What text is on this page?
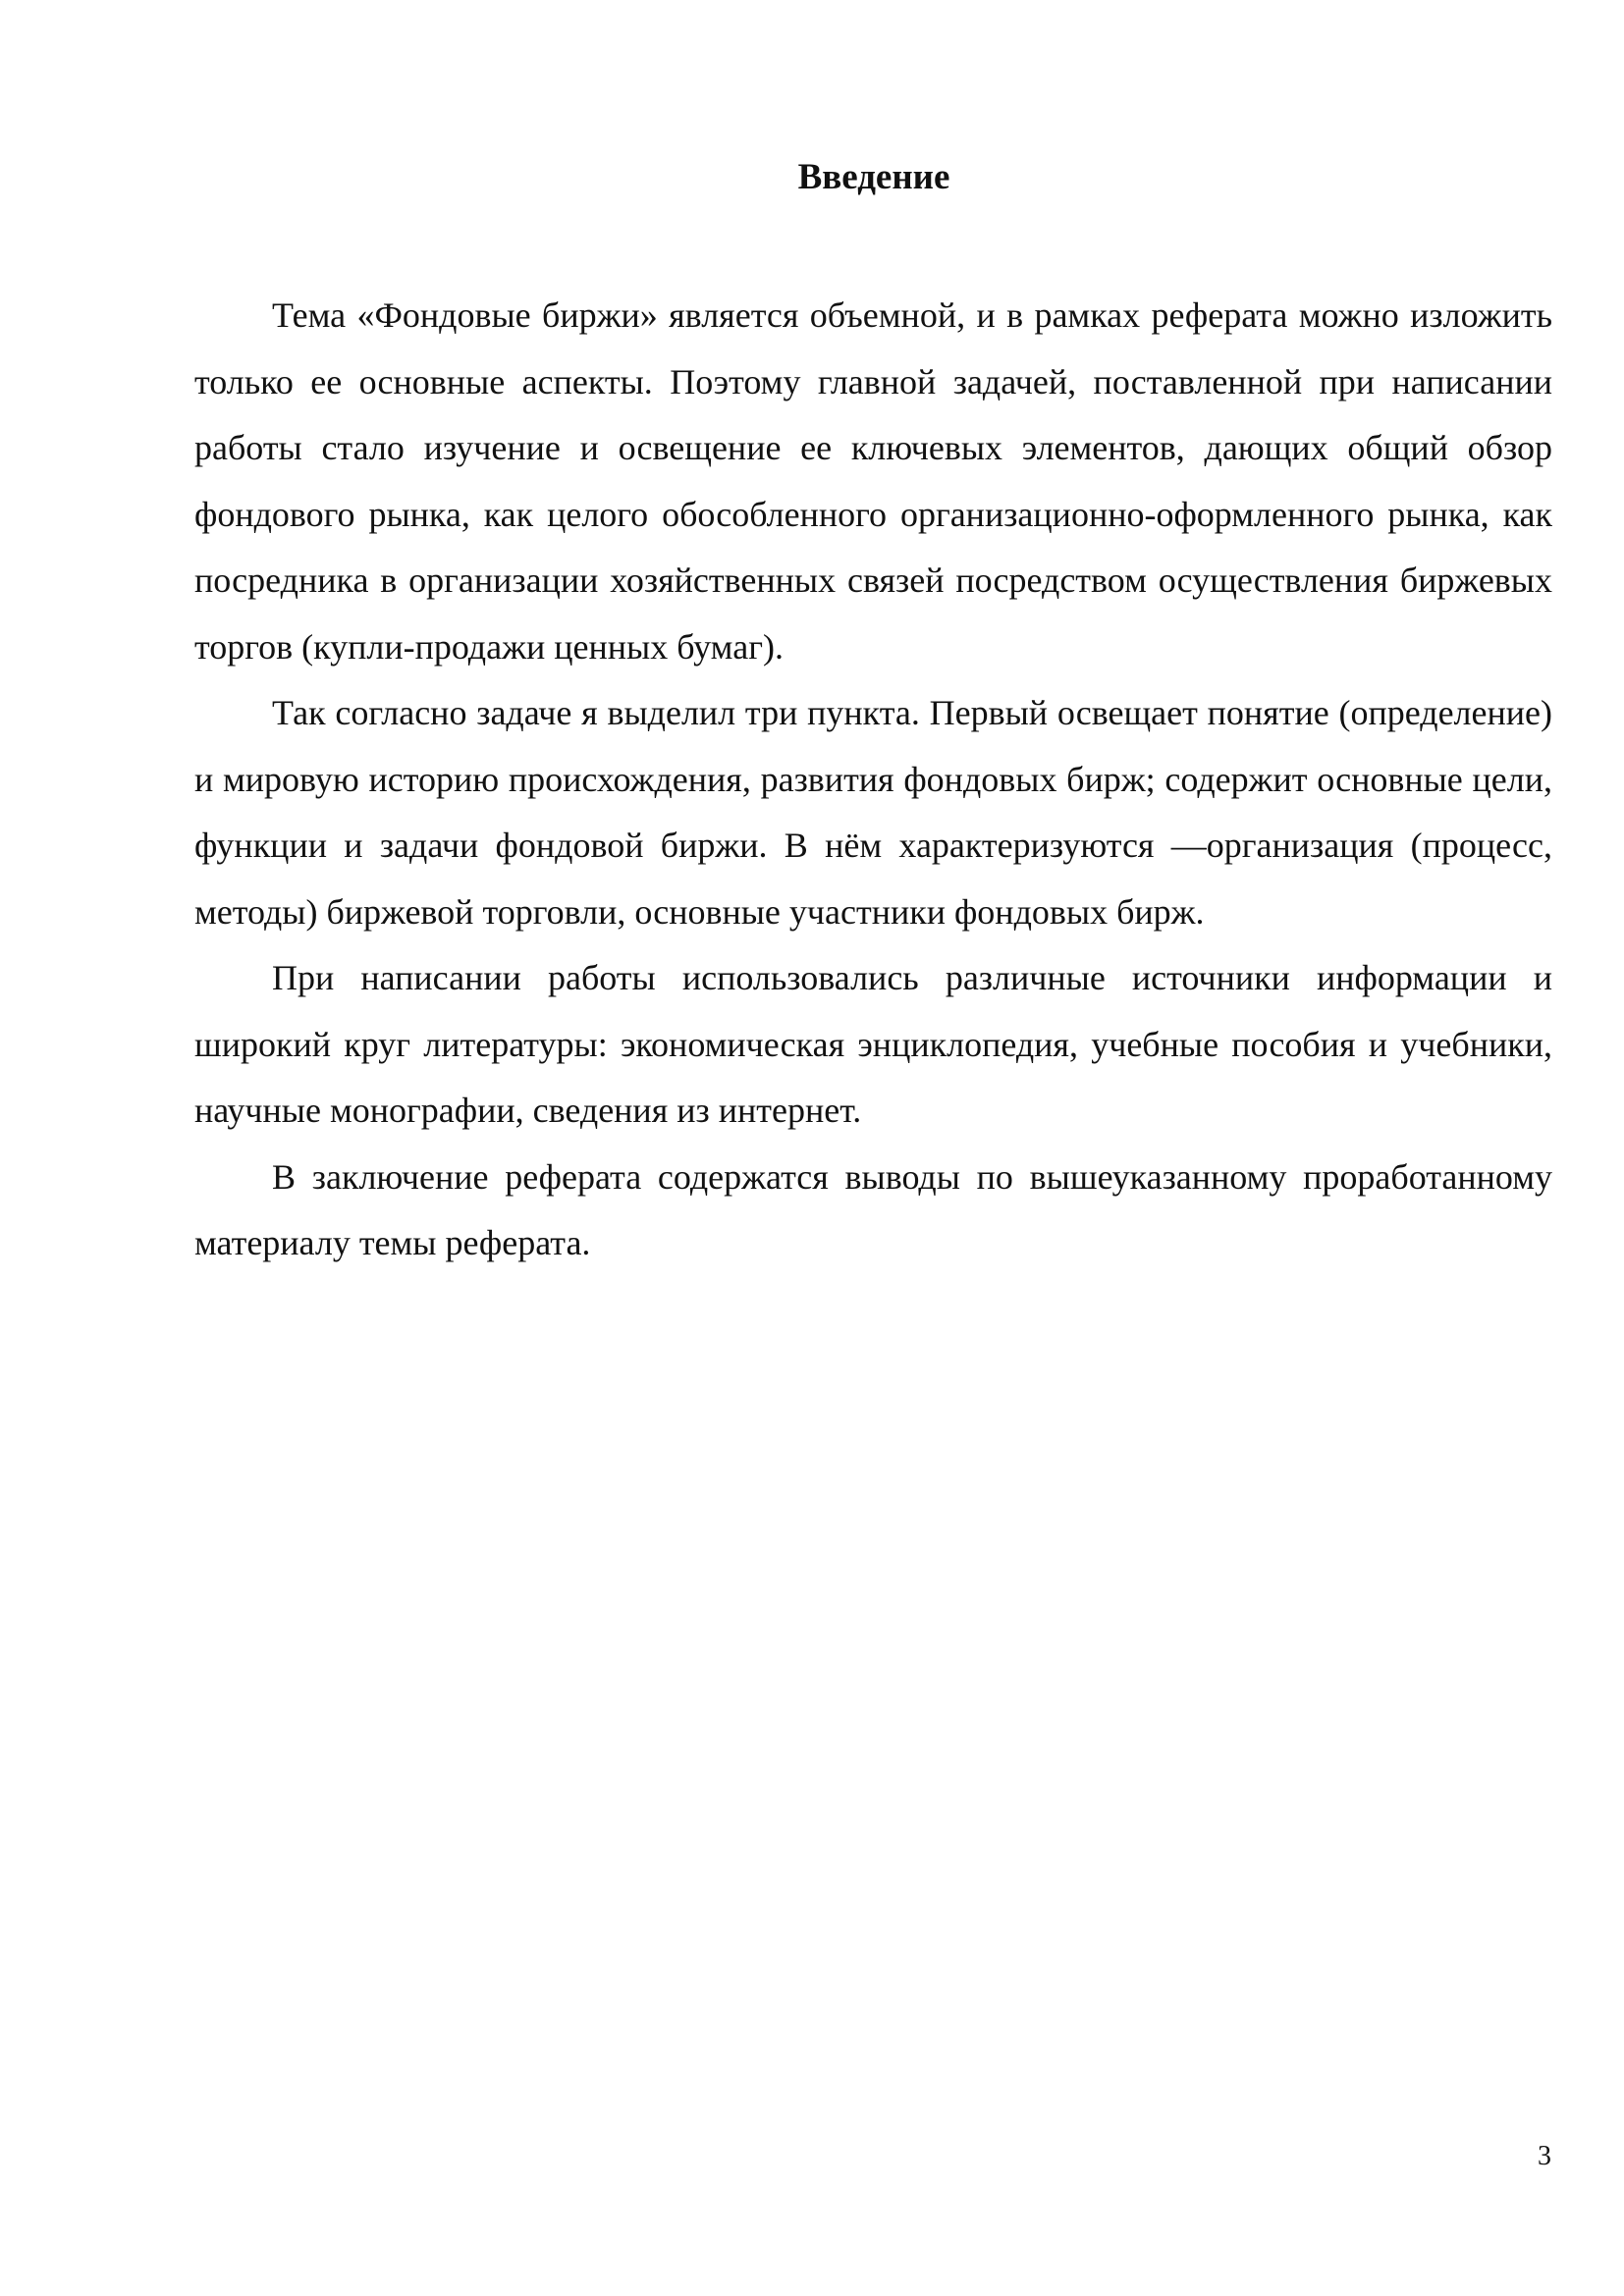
Введение

Тема «Фондовые биржи» является объемной, и в рамках реферата можно изложить только ее основные аспекты. Поэтому главной задачей, поставленной при написании работы стало изучение и освещение ее ключевых элементов, дающих общий обзор фондового рынка, как целого обособленного организационно-оформленного рынка, как посредника в организации хозяйственных связей посредством осуществления биржевых торгов (купли-продажи ценных бумаг).

Так согласно задаче я выделил три пункта. Первый освещает понятие (определение) и мировую историю происхождения, развития фондовых бирж; содержит основные цели, функции и задачи фондовой биржи. В нём характеризуются —организация (процесс, методы) биржевой торговли, основные участники фондовых бирж.

При написании работы использовались различные источники информации и широкий круг литературы: экономическая энциклопедия, учебные пособия и учебники, научные монографии, сведения из интернет.

В заключение реферата содержатся выводы по вышеуказанному проработанному материалу темы реферата.

3
